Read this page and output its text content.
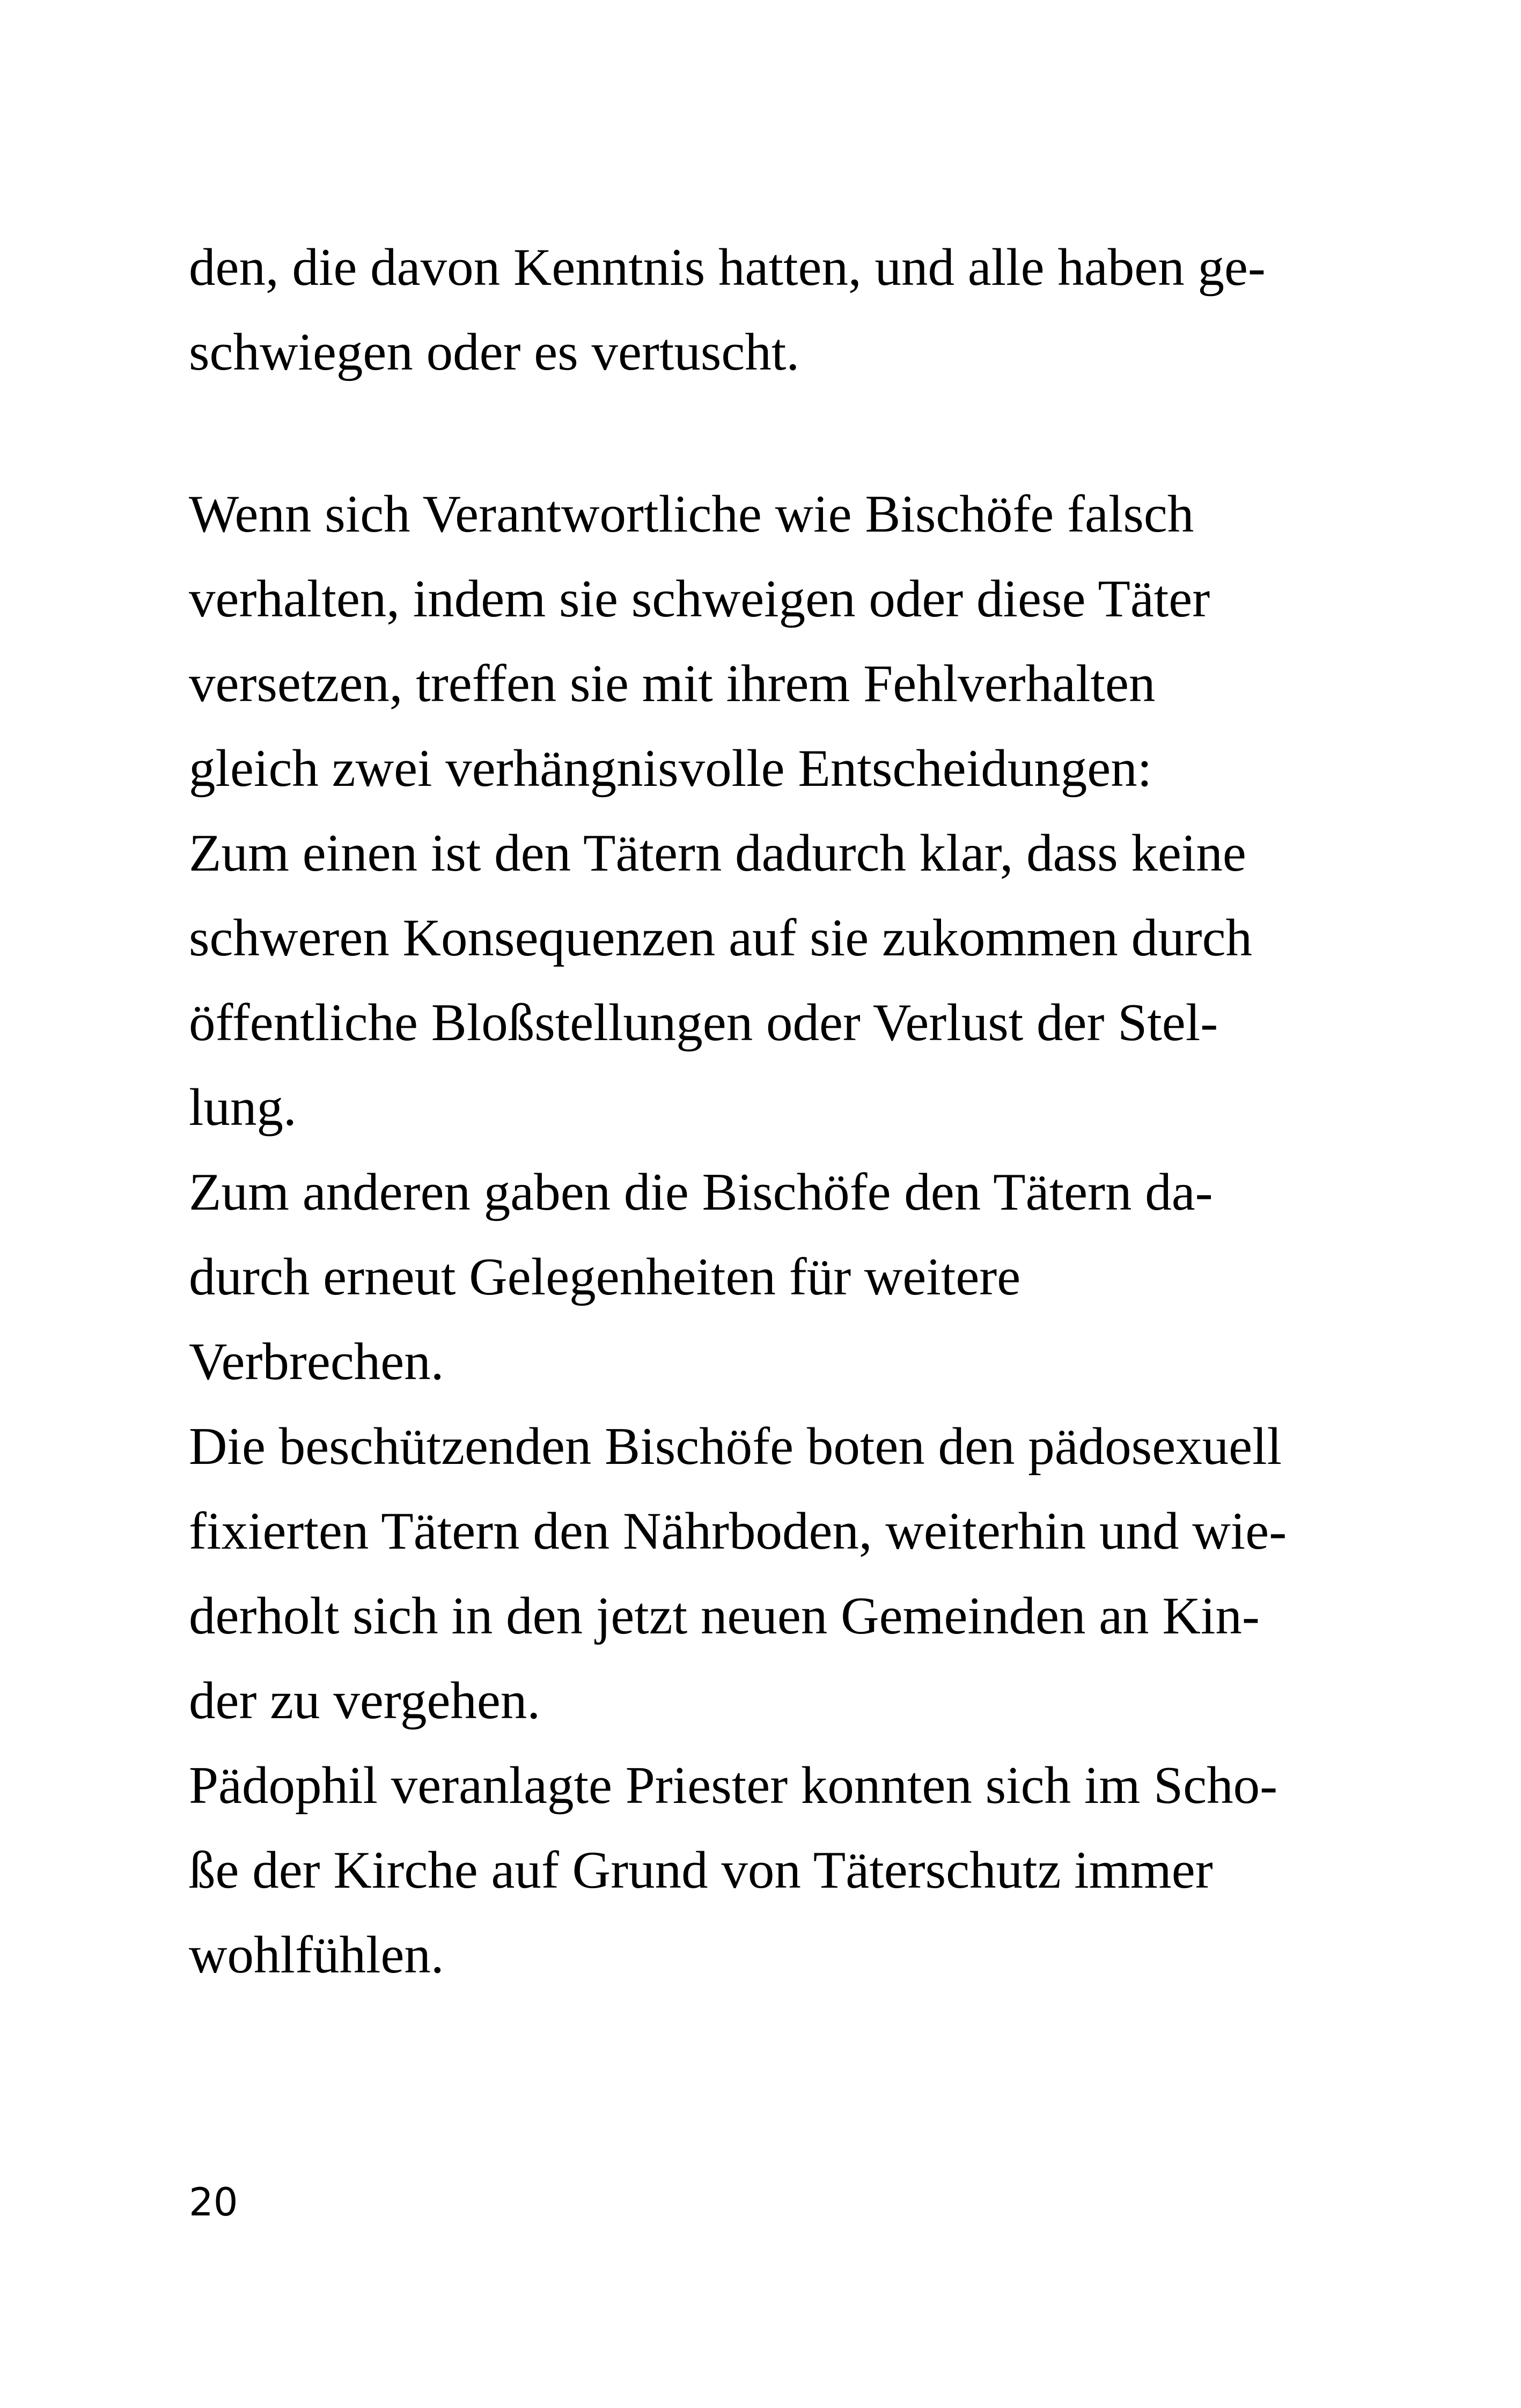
den, die davon Kenntnis hatten, und alle haben ge-
schwiegen oder es vertuscht.
Wenn sich Verantwortliche wie Bischöfe falsch
verhalten, indem sie schweigen oder diese Täter
versetzen, treffen sie mit ihrem Fehlverhalten
gleich zwei verhängnisvolle Entscheidungen:
Zum einen ist den Tätern dadurch klar, dass keine
schweren Konsequenzen auf sie zukommen durch
öffentliche Bloßstellungen oder Verlust der Stel-
lung.
Zum anderen gaben die Bischöfe den Tätern da-
durch erneut Gelegenheiten für weitere
Verbrechen.
Die beschützenden Bischöfe boten den pädosexuell
fixierten Tätern den Nährboden, weiterhin und wie-
derholt sich in den jetzt neuen Gemeinden an Kin-
der zu vergehen.
Pädophil veranlagte Priester konnten sich im Scho-
ße der Kirche auf Grund von Täterschutz immer
wohlfühlen.
20
